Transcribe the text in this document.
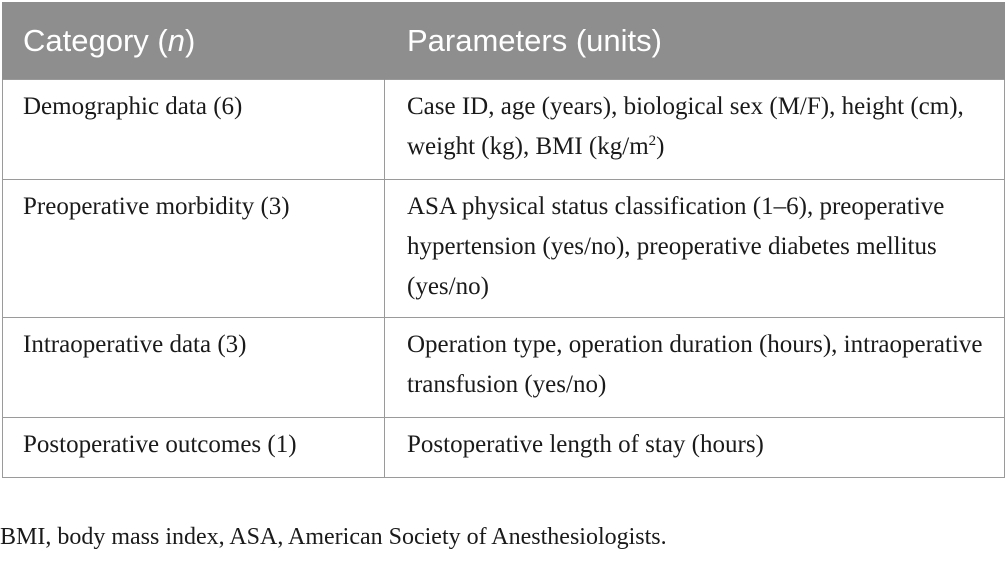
Category (n)	Parameters (units)
Demographic data (6)	Case ID, age (years), biological sex (M/F), height (cm), weight (kg), BMI $(kg/m^2)$
Preoperative morbidity (3)	ASA physical status classification (1–6), preoperative hypertension (yes/no), preoperative diabetes mellitus (yes/no)
Intraoperative data (3)	Operation type, operation duration (hours), intraoperative transfusion (yes/no)
Postoperative outcomes (1)	Postoperative length of stay (hours)
BMI, body mass index, ASA, American Society of Anesthesiologists.
